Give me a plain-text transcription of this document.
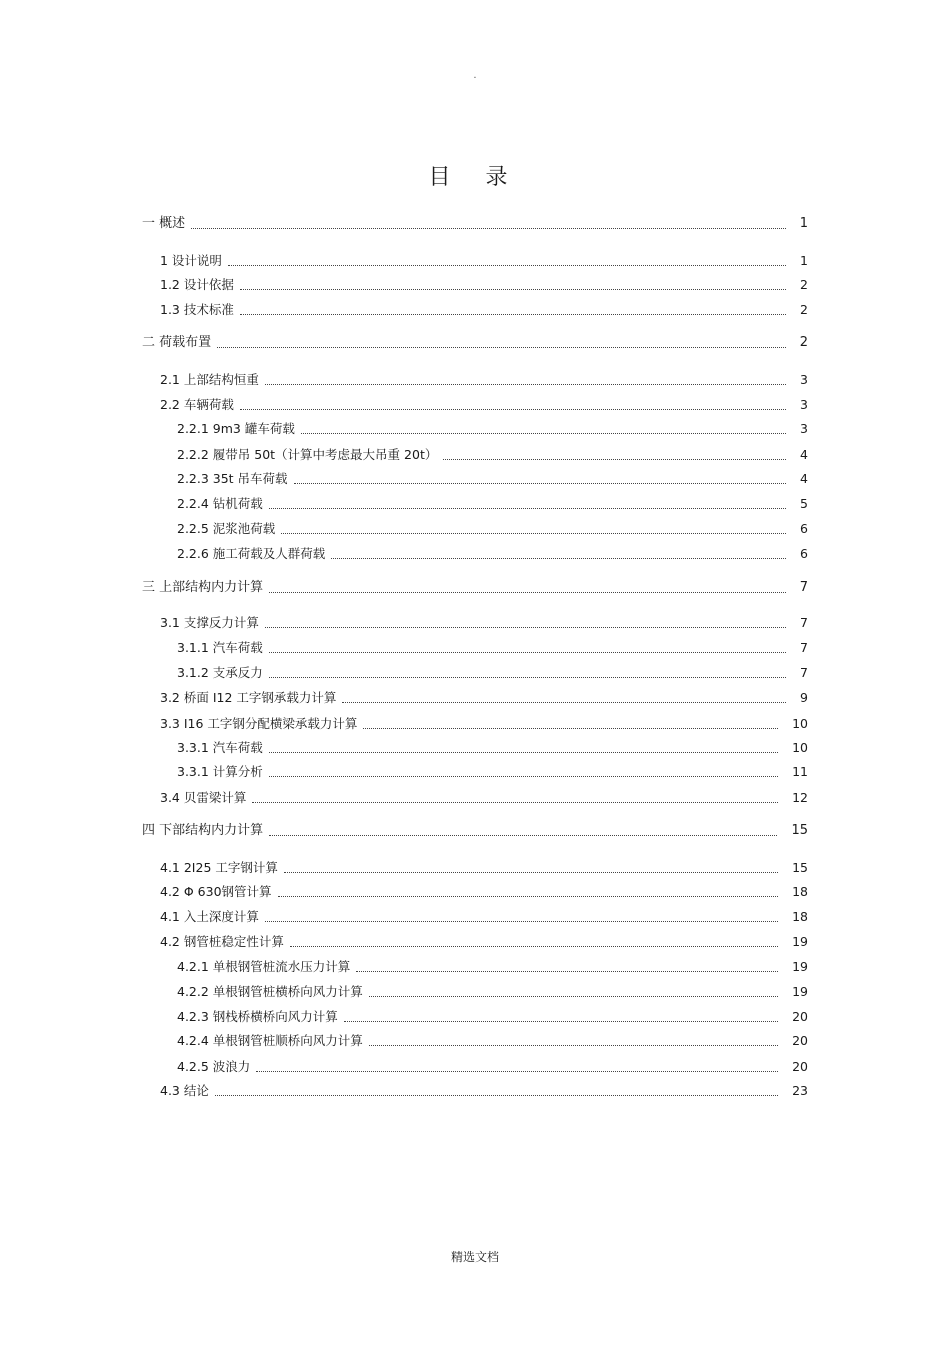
.
目 录
一 概述	1
1 设计说明	1
1.2 设计依据	2
1.3 技术标准	2
二 荷载布置	2
2.1 上部结构恒重	3
2.2 车辆荷载	3
2.2.1 9m3 罐车荷载	3
2.2.2 履带吊 50t（计算中考虑最大吊重 20t）	4
2.2.3 35t 吊车荷载	4
2.2.4 钻机荷载	5
2.2.5 泥浆池荷载	6
2.2.6 施工荷载及人群荷载	6
三 上部结构内力计算	7
3.1 支撑反力计算	7
3.1.1 汽车荷载	7
3.1.2 支承反力	7
3.2 桥面 I12 工字钢承载力计算	9
3.3 I16 工字钢分配横梁承载力计算	10
3.3.1 汽车荷载	10
3.3.1 计算分析	11
3.4 贝雷梁计算	12
四 下部结构内力计算	15
4.1 2I25 工字钢计算	15
4.2 Φ 630钢管计算	18
4.1 入土深度计算	18
4.2 钢管桩稳定性计算	19
4.2.1 单根钢管桩流水压力计算	19
4.2.2 单根钢管桩横桥向风力计算	19
4.2.3 钢栈桥横桥向风力计算	20
4.2.4 单根钢管桩顺桥向风力计算	20
4.2.5 波浪力	20
4.3 结论	23
精选文档
